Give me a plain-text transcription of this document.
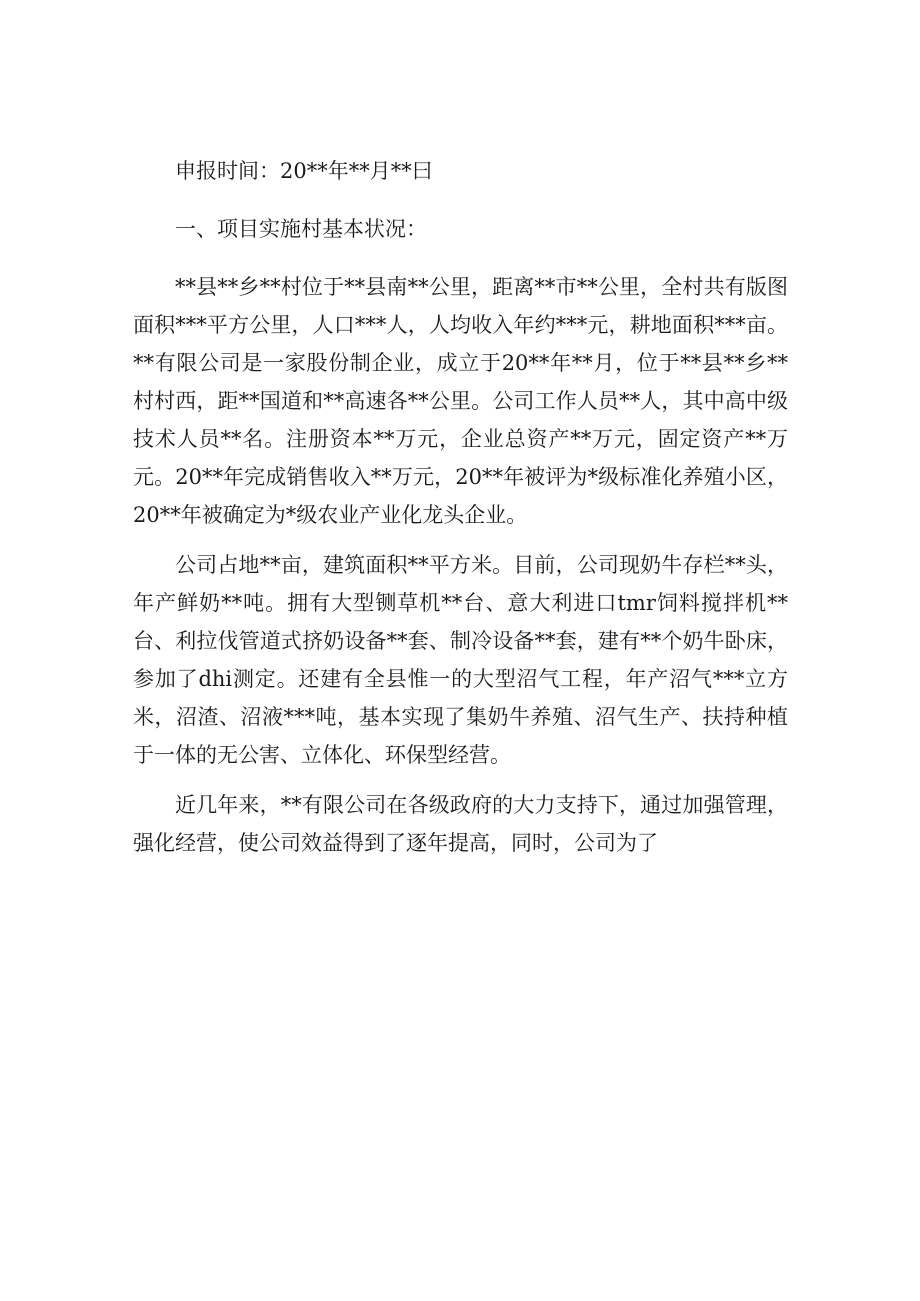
申报时间：20**年**月**曰

一、项目实施村基本状况：

**县**乡**村位于**县南**公里，距离**市**公里，全村共有版图面积***平方公里，人口***人，人均收入年约***元，耕地面积***亩。**有限公司是一家股份制企业，成立于20**年**月，位于**县**乡**村村西，距**国道和**高速各**公里。公司工作人员**人，其中高中级技术人员**名。注册资本**万元，企业总资产**万元，固定资产**万元。20**年完成销售收入**万元，20**年被评为*级标准化养殖小区，20**年被确定为*级农业产业化龙头企业。

公司占地**亩，建筑面积**平方米。目前，公司现奶牛存栏**头，年产鲜奶**吨。拥有大型铡草机**台、意大利进口tmr饲料搅拌机**台、利拉伐管道式挤奶设备**套、制冷设备**套，建有**个奶牛卧床，参加了dhi测定。还建有全县惟一的大型沼气工程，年产沼气***立方米，沼渣、沼液***吨，基本实现了集奶牛养殖、沼气生产、扶持种植于一体的无公害、立体化、环保型经营。

近几年来，**有限公司在各级政府的大力支持下，通过加强管理，强化经营，使公司效益得到了逐年提高，同时，公司为了
